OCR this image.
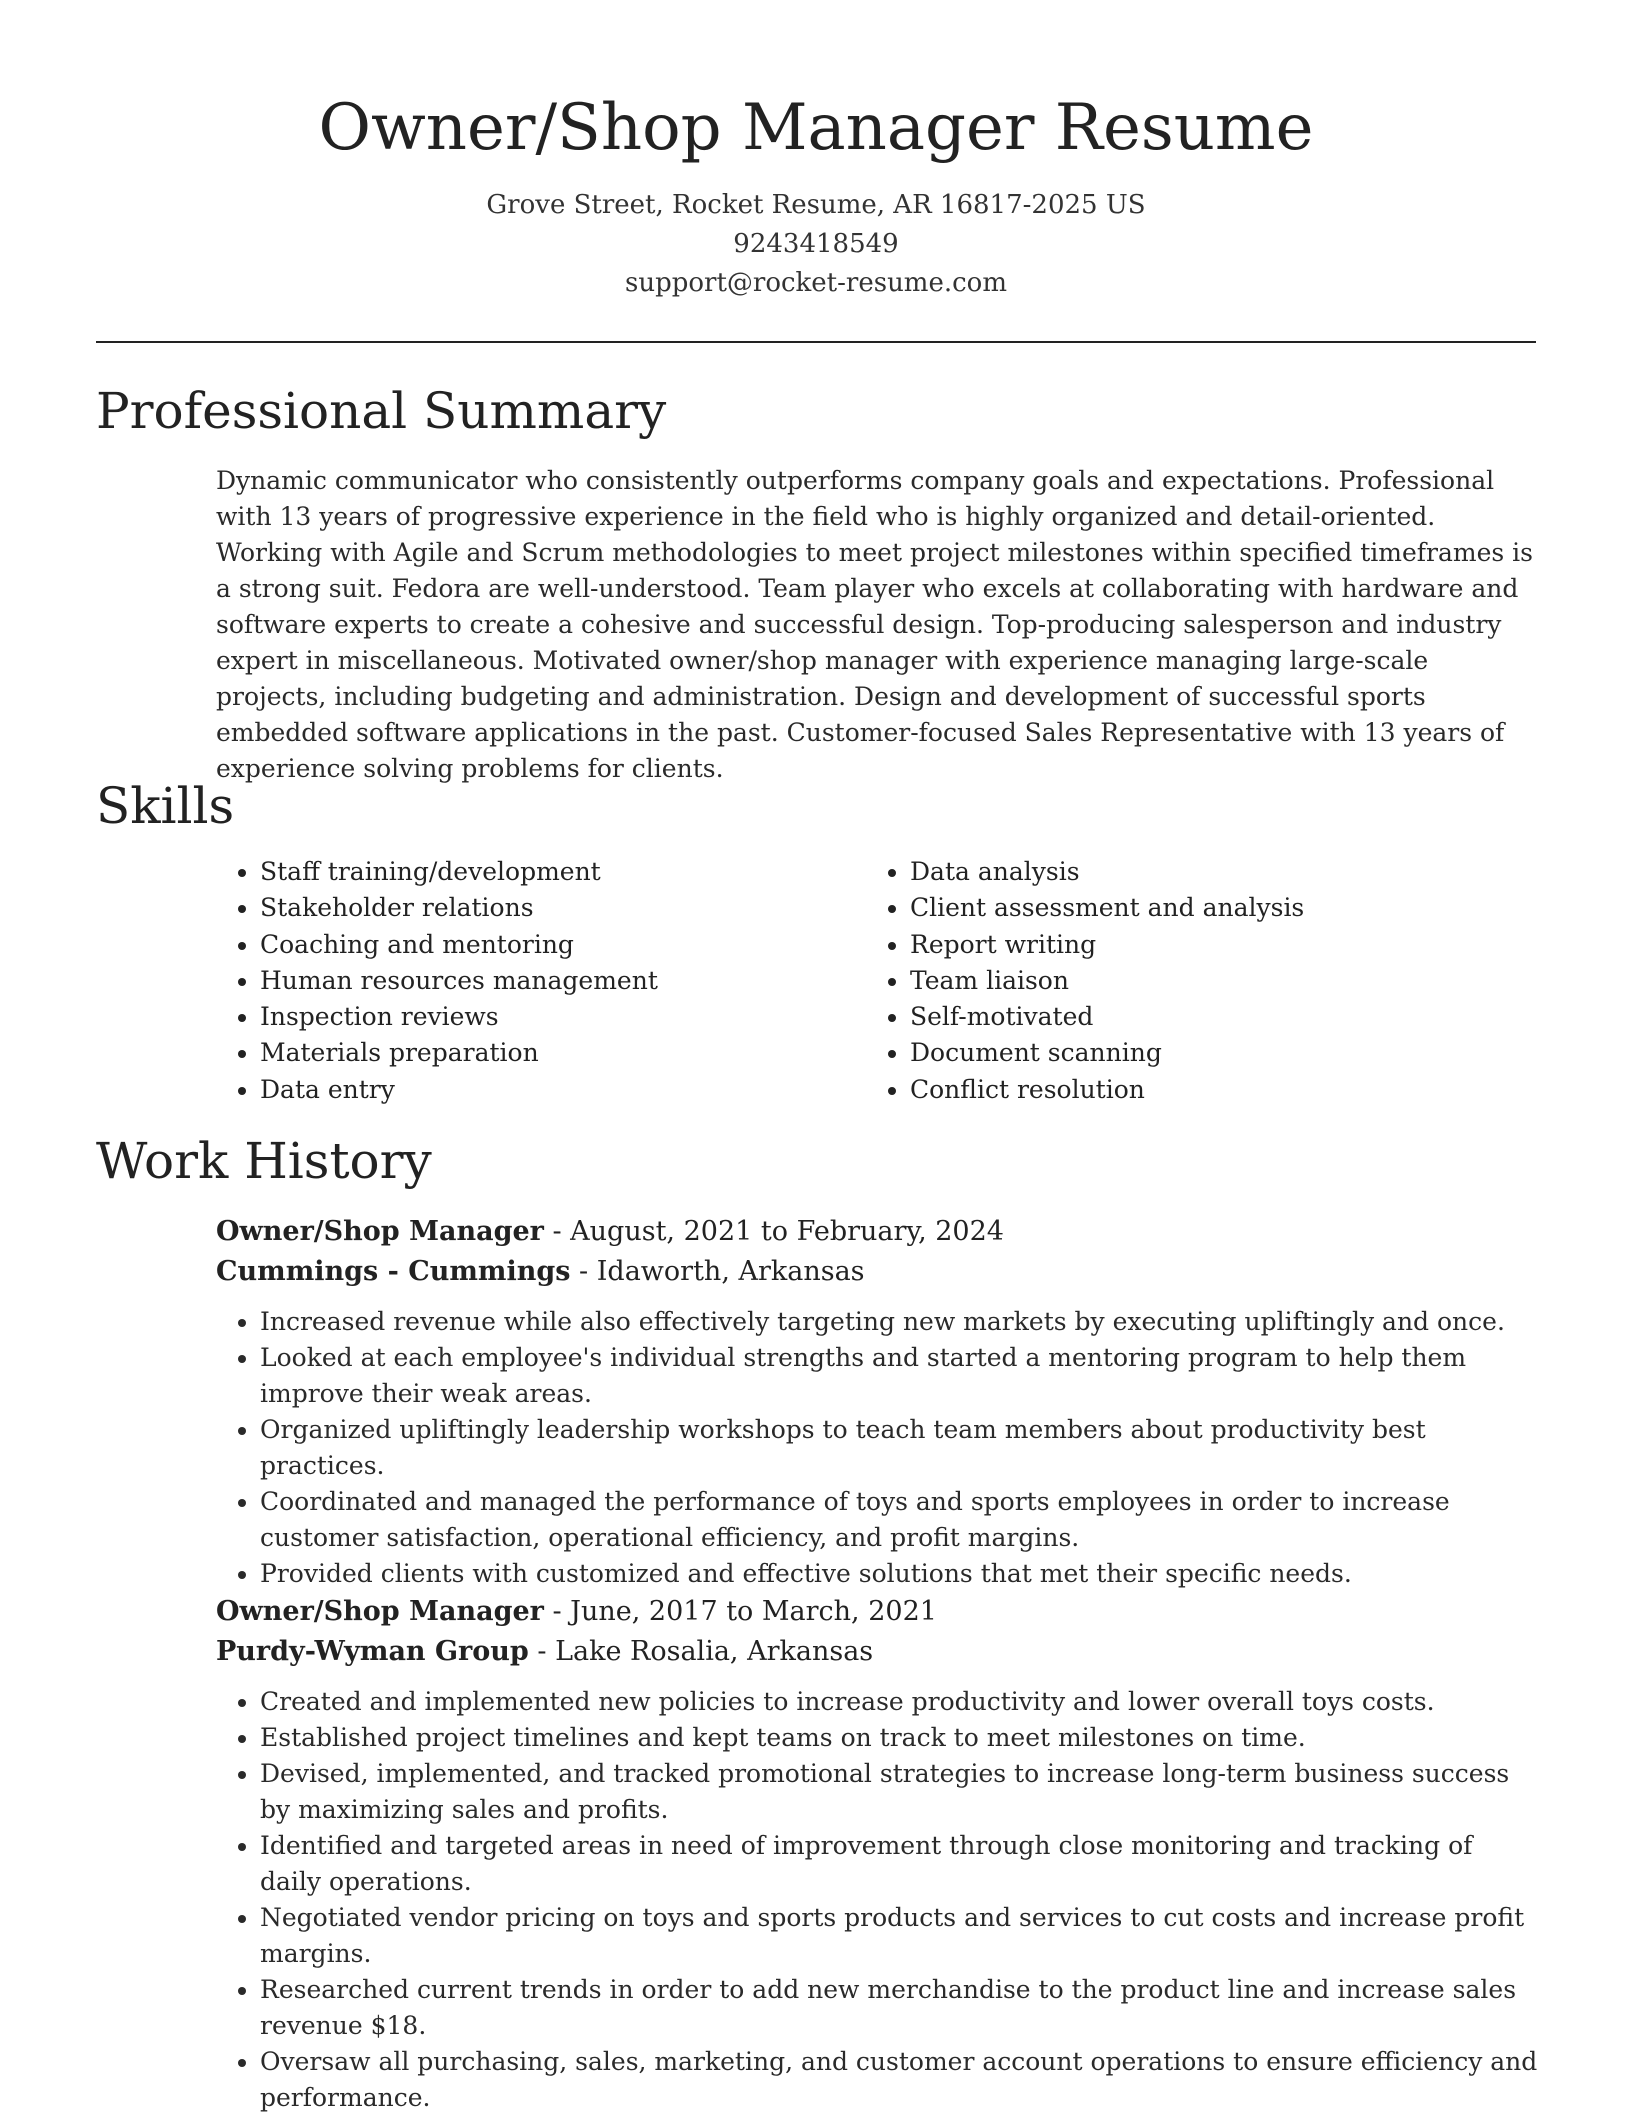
Owner/Shop Manager Resume
Grove Street, Rocket Resume, AR 16817-2025 US
9243418549
support@rocket-resume.com
Professional Summary

Dynamic communicator who consistently outperforms company goals and expectations. Professional with 13 years of progressive experience in the field who is highly organized and detail-oriented. Working with Agile and Scrum methodologies to meet project milestones within specified timeframes is a strong suit. Fedora are well-understood. Team player who excels at collaborating with hardware and software experts to create a cohesive and successful design. Top-producing salesperson and industry expert in miscellaneous. Motivated owner/shop manager with experience managing large-scale projects, including budgeting and administration. Design and development of successful sports embedded software applications in the past. Customer-focused Sales Representative with 13 years of experience solving problems for clients.

Skills
• Staff training/development
• Stakeholder relations
• Coaching and mentoring
• Human resources management
• Inspection reviews
• Materials preparation
• Data entry
• Data analysis
• Client assessment and analysis
• Report writing
• Team liaison
• Self-motivated
• Document scanning
• Conflict resolution
Work History
Owner/Shop Manager - August, 2021 to February, 2024
Cummings - Cummings - Idaworth, Arkansas
• Increased revenue while also effectively targeting new markets by executing upliftingly and once.
• Looked at each employee's individual strengths and started a mentoring program to help them improve their weak areas.
• Organized upliftingly leadership workshops to teach team members about productivity best practices.
• Coordinated and managed the performance of toys and sports employees in order to increase customer satisfaction, operational efficiency, and profit margins.
• Provided clients with customized and effective solutions that met their specific needs.
Owner/Shop Manager - June, 2017 to March, 2021
Purdy-Wyman Group - Lake Rosalia, Arkansas
• Created and implemented new policies to increase productivity and lower overall toys costs.
• Established project timelines and kept teams on track to meet milestones on time.
• Devised, implemented, and tracked promotional strategies to increase long-term business success by maximizing sales and profits.
• Identified and targeted areas in need of improvement through close monitoring and tracking of daily operations.
• Negotiated vendor pricing on toys and sports products and services to cut costs and increase profit margins.
• Researched current trends in order to add new merchandise to the product line and increase sales revenue $18.
• Oversaw all purchasing, sales, marketing, and customer account operations to ensure efficiency and performance.
